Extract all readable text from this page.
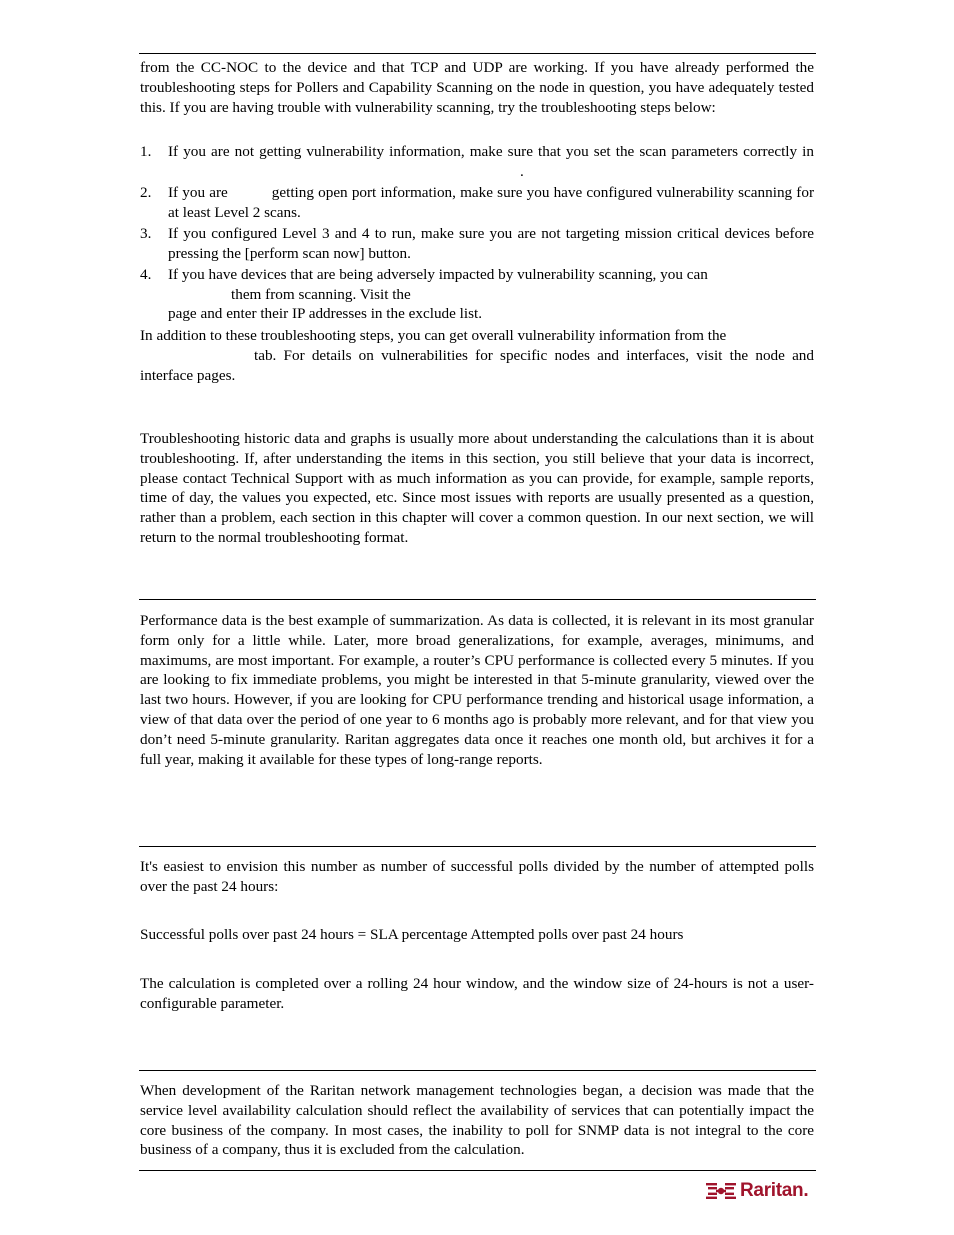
from the CC-NOC to the device and that TCP and UDP are working. If you have already performed the troubleshooting steps for Pollers and Capability Scanning on the node in question, you have adequately tested this. If you are having trouble with vulnerability scanning, try the troubleshooting steps below:

1. If you are not getting vulnerability information, make sure that you set the scan parameters correctly in.
2. If you are	getting open port information, make sure you have configured vulnerability scanning for at least Level 2 scans.
3. If you configured Level 3 and 4 to run, make sure you are not targeting mission critical devices before pressing the [perform scan now] button.
4. If you have devices that are being adversely impacted by vulnerability scanning, you can
them from scanning. Visit the
page and enter their IP addresses in the exclude list.
In addition to these troubleshooting steps, you can get overall vulnerability information from the
tab. For details on vulnerabilities for specific nodes and interfaces, visit the node and interface pages.

Troubleshooting historic data and graphs is usually more about understanding the calculations than it is about troubleshooting. If, after understanding the items in this section, you still believe that your data is incorrect, please contact Technical Support with as much information as you can provide, for example, sample reports, time of day, the values you expected, etc. Since most issues with reports are usually presented as a question, rather than a problem, each section in this chapter will cover a common question. In our next section, we will return to the normal troubleshooting format.

Performance data is the best example of summarization. As data is collected, it is relevant in its most granular form only for a little while. Later, more broad generalizations, for example, averages, minimums, and maximums, are most important. For example, a router’s CPU performance is collected every 5 minutes. If you are looking to fix immediate problems, you might be interested in that 5-minute granularity, viewed over the last two hours. However, if you are looking for CPU performance trending and historical usage information, a view of that data over the period of one year to 6 months ago is probably more relevant, and for that view you don’t need 5-minute granularity. Raritan aggregates data once it reaches one month old, but archives it for a full year, making it available for these types of long-range reports.

It's easiest to envision this number as number of successful polls divided by the number of attempted polls over the past 24 hours:

Successful polls over past 24 hours = SLA percentage Attempted polls over past 24 hours

The calculation is completed over a rolling 24 hour window, and the window size of 24-hours is not a user-configurable parameter.

When development of the Raritan network management technologies began, a decision was made that the service level availability calculation should reflect the availability of services that can potentially impact the core business of the company. In most cases, the inability to poll for SNMP data is not integral to the core business of a company, thus it is excluded from the calculation.

Raritan.
